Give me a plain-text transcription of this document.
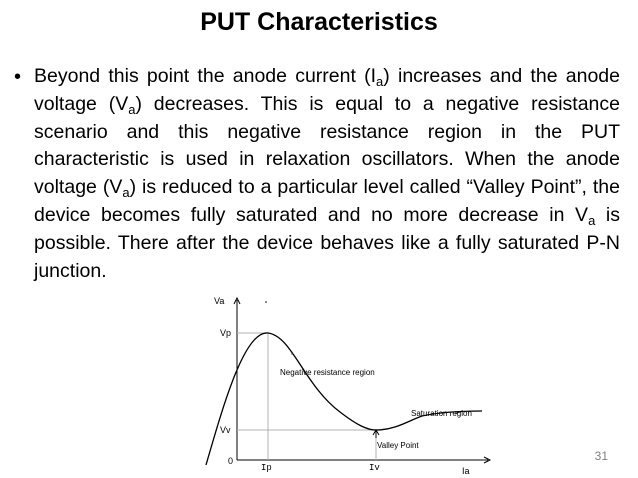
PUT Characteristics
• Beyond this point the anode current $(I_a)$ increases and the anode voltage $(V_a)$ decreases. This is equal to a negative resistance scenario and this negative resistance region in the PUT characteristic is used in relaxation oscillators. When the anode voltage $(V_a)$ is reduced to a particular level called “Valley Point”, the device becomes fully saturated and no more decrease in $V_a$ is possible. There after the device behaves like a fully saturated P-N junction.
Va
Vp
Vv
0
Ip	Iv	Ia
Negative resistance region
Saturation region
Valley Point
31
